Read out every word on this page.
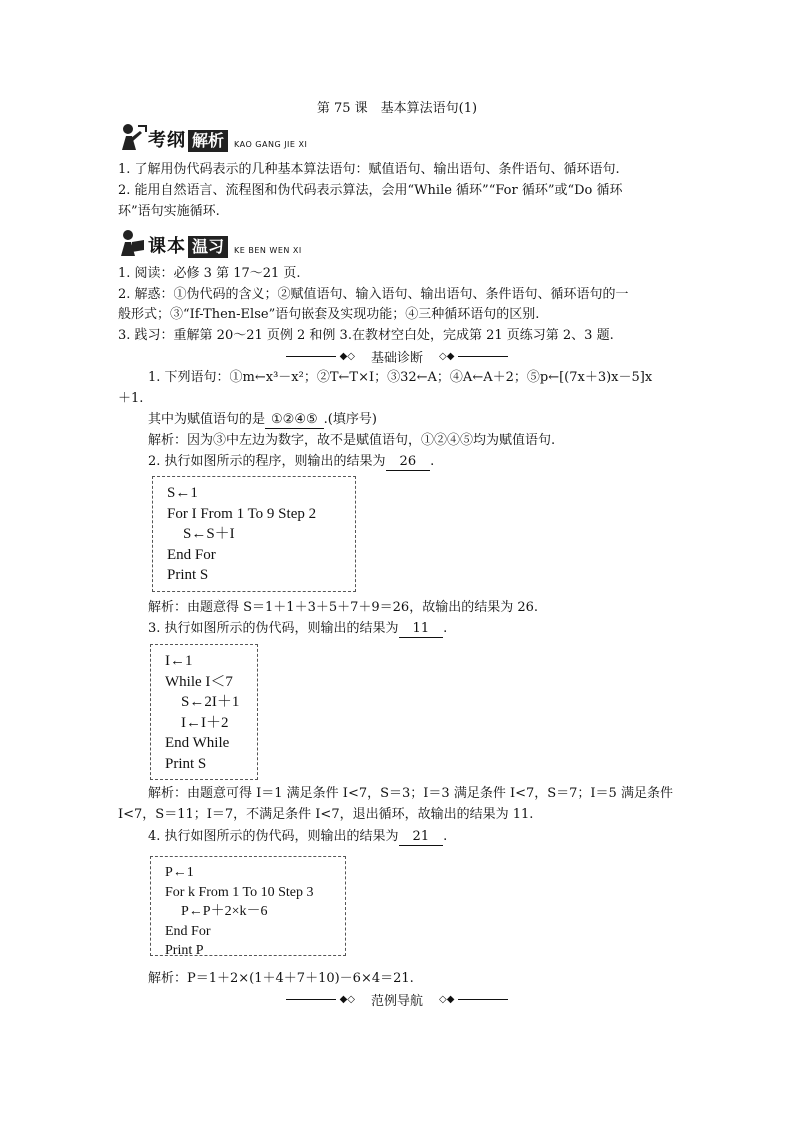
第 75 课　基本算法语句(1)
考纲 解析	KAO GANG JIE XI
1. 了解用伪代码表示的几种基本算法语句：赋值语句、输出语句、条件语句、循环语句.
2. 能用自然语言、流程图和伪代码表示算法，会用“While 循环”“For 循环”或“Do 循环
环”语句实施循环.
课本 温习	KE BEN WEN XI
1. 阅读：必修 3 第 17～21 页.
2. 解惑：①伪代码的含义；②赋值语句、输入语句、输出语句、条件语句、循环语句的一
般形式；③“If-Then-Else”语句嵌套及实现功能；④三种循环语句的区别.
3. 践习：重解第 20～21 页例 2 和例 3.在教材空白处，完成第 21 页练习第 2、3 题.
◆◇ 基础诊断 ◇◆
1. 下列语句：①m←x³－x²；②T←T×I；③32←A；④A←A＋2；⑤p←[(7x＋3)x－5]x
＋1.
其中为赋值语句的是 ①②④⑤ .(填序号)
解析：因为③中左边为数字，故不是赋值语句，①②④⑤均为赋值语句.
2. 执行如图所示的程序，则输出的结果为 26 .
S←1
For I From 1 To 9 Step 2
S←S＋I
End For
Print S
解析：由题意得 S＝1＋1＋3＋5＋7＋9＝26，故输出的结果为 26.
3. 执行如图所示的伪代码，则输出的结果为 11 .
I←1
While I＜7
S←2I＋1
I←I＋2
End While
Print S
解析：由题意可得 I＝1 满足条件 I<7，S＝3；I＝3 满足条件 I<7，S＝7；I＝5 满足条件
I<7，S＝11；I＝7，不满足条件 I<7，退出循环，故输出的结果为 11.
4. 执行如图所示的伪代码，则输出的结果为 21 .
P←1
For k From 1 To 10 Step 3
P←P＋2×k－6
End For
Print P
解析：P＝1＋2×(1＋4＋7＋10)－6×4＝21.
◆◇ 范例导航 ◇◆
